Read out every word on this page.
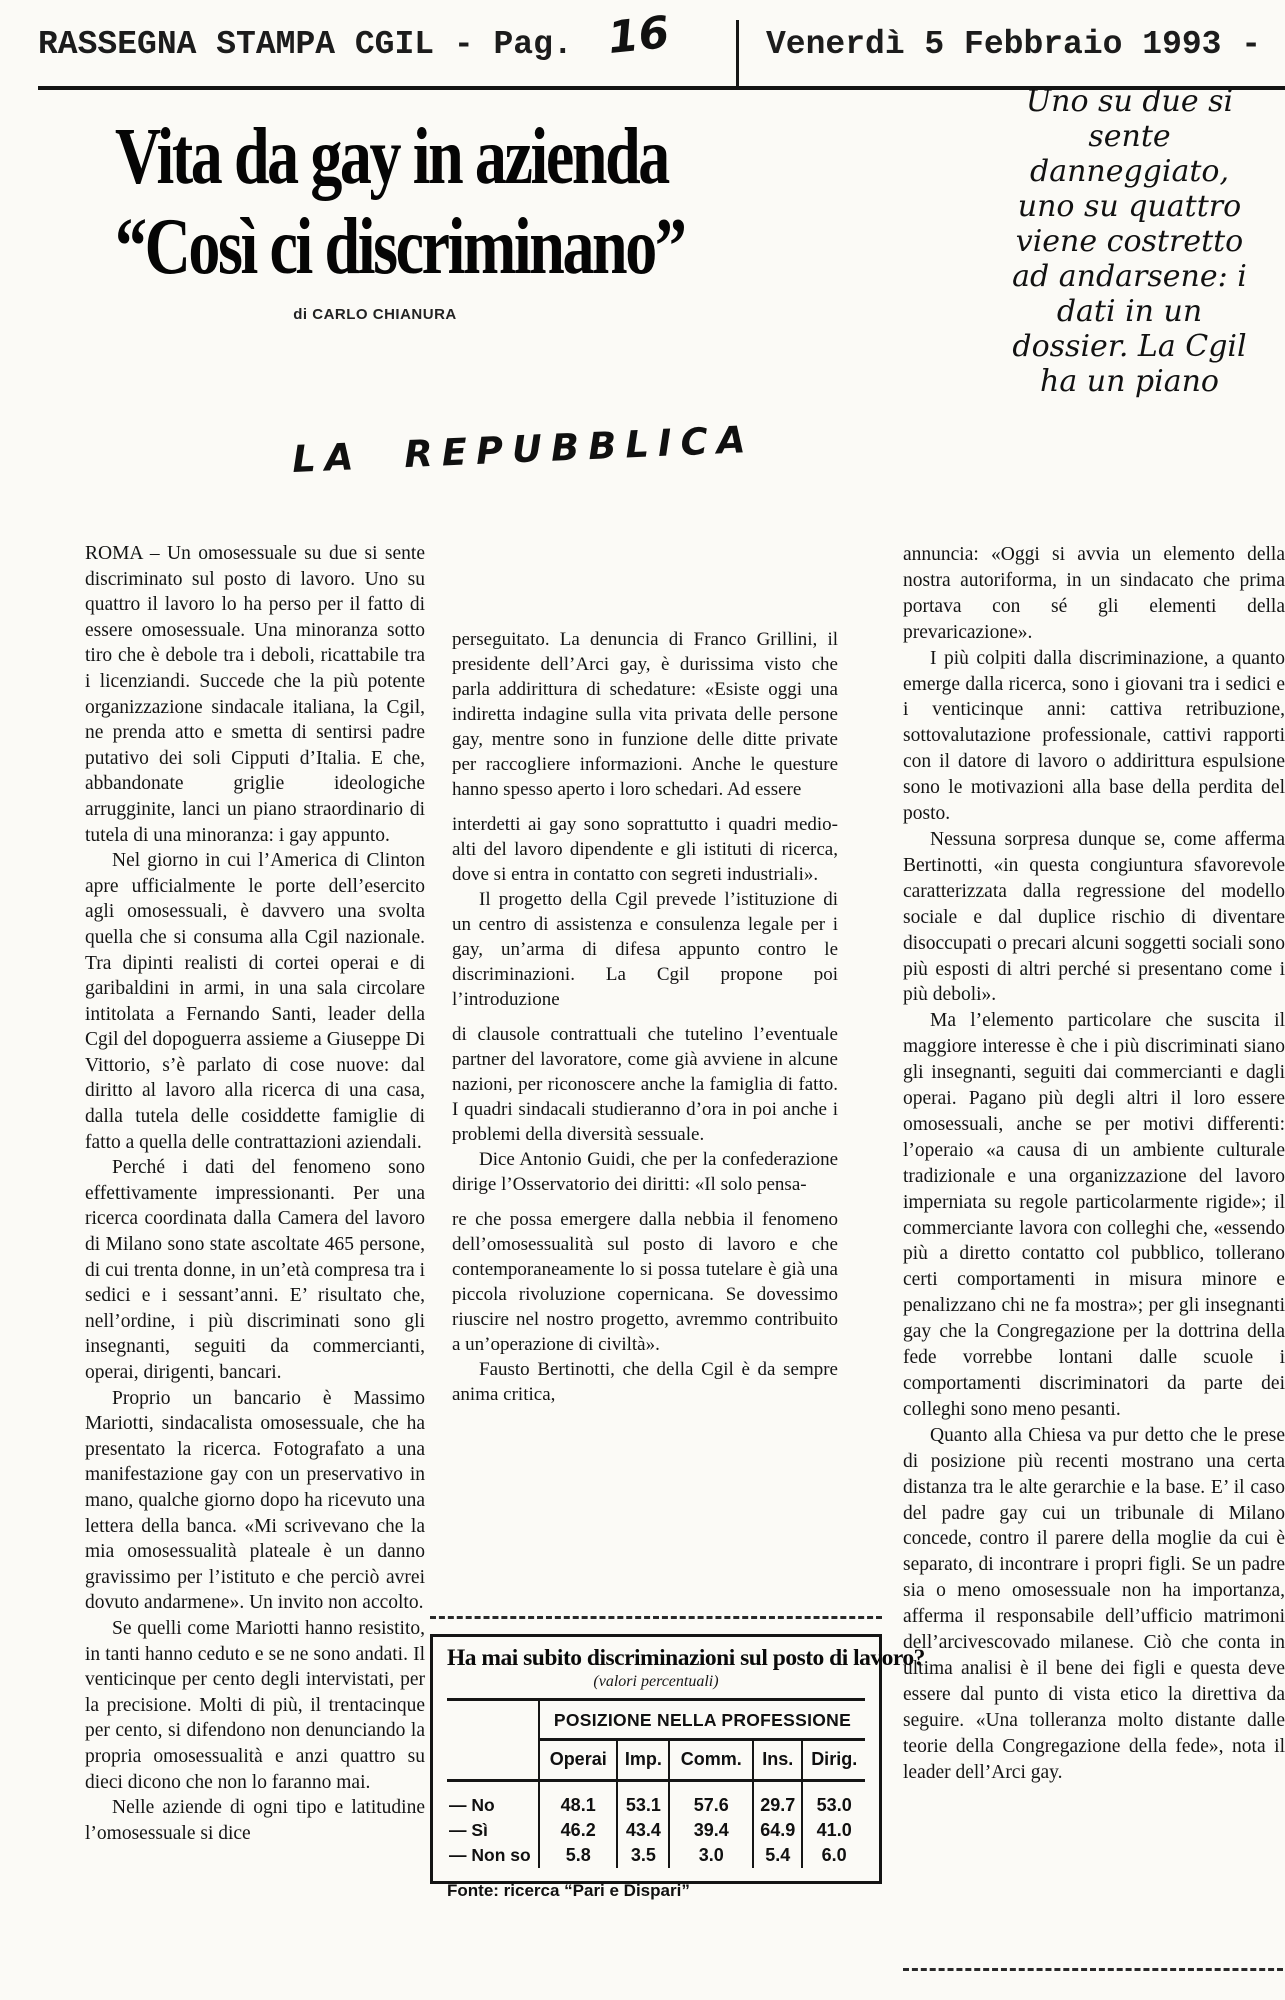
RASSEGNA STAMPA CGIL - Pag. 16	Venerdì 5 Febbraio 1993 -
Vita da gay in azienda
“Così ci discriminano”
di CARLO CHIANURA
LA REPUBBLICA
Uno su due si
sente
danneggiato,
uno su quattro
viene costretto
ad andarsene: i
dati in un
dossier. La Cgil
ha un piano

ROMA – Un omosessuale su due si sente discriminato sul posto di lavoro. Uno su quattro il lavoro lo ha perso per il fatto di essere omosessuale. Una minoranza sotto tiro che è debole tra i deboli, ricattabile tra i licenziandi. Succede che la più potente organizzazione sindacale italiana, la Cgil, ne prenda atto e smetta di sentirsi padre putativo dei soli Cipputi d’Italia. E che, abbandonate griglie ideologiche arrugginite, lanci un piano straordinario di tutela di una minoranza: i gay appunto.

Nel giorno in cui l’America di Clinton apre ufficialmente le porte dell’esercito agli omosessuali, è davvero una svolta quella che si consuma alla Cgil nazionale. Tra dipinti realisti di cortei operai e di garibaldini in armi, in una sala circolare intitolata a Fernando Santi, leader della Cgil del dopoguerra assieme a Giuseppe Di Vittorio, s’è parlato di cose nuove: dal diritto al lavoro alla ricerca di una casa, dalla tutela delle cosiddette famiglie di fatto a quella delle contrattazioni aziendali.

Perché i dati del fenomeno sono effettivamente impressionanti. Per una ricerca coordinata dalla Camera del lavoro di Milano sono state ascoltate 465 persone, di cui trenta donne, in un’età compresa tra i sedici e i sessant’anni. E’ risultato che, nell’ordine, i più discriminati sono gli insegnanti, seguiti da commercianti, operai, dirigenti, bancari.

Proprio un bancario è Massimo Mariotti, sindacalista omosessuale, che ha presentato la ricerca. Fotografato a una manifestazione gay con un preservativo in mano, qualche giorno dopo ha ricevuto una lettera della banca. «Mi scrivevano che la mia omosessualità plateale è un danno gravissimo per l’istituto e che perciò avrei dovuto andarmene». Un invito non accolto.

Se quelli come Mariotti hanno resistito, in tanti hanno ceduto e se ne sono andati. Il venticinque per cento degli intervistati, per la precisione. Molti di più, il trentacinque per cento, si difendono non denunciando la propria omosessualità e anzi quattro su dieci dicono che non lo faranno mai.

Nelle aziende di ogni tipo e latitudine l’omosessuale si dice

perseguitato. La denuncia di Franco Grillini, il presidente dell’Arci gay, è durissima visto che parla addirittura di schedature: «Esiste oggi una indiretta indagine sulla vita privata delle persone gay, mentre sono in funzione delle ditte private per raccogliere informazioni. Anche le questure hanno spesso aperto i loro schedari. Ad essere

interdetti ai gay sono soprattutto i quadri medio-alti del lavoro dipendente e gli istituti di ricerca, dove si entra in contatto con segreti industriali».

Il progetto della Cgil prevede l’istituzione di un centro di assistenza e consulenza legale per i gay, un’arma di difesa appunto contro le discriminazioni. La Cgil propone poi l’introduzione

di clausole contrattuali che tutelino l’eventuale partner del lavoratore, come già avviene in alcune nazioni, per riconoscere anche la famiglia di fatto. I quadri sindacali studieranno d’ora in poi anche i problemi della diversità sessuale.

Dice Antonio Guidi, che per la confederazione dirige l’Osservatorio dei diritti: «Il solo pensa-

re che possa emergere dalla nebbia il fenomeno dell’omosessualità sul posto di lavoro e che contemporaneamente lo si possa tutelare è già una piccola rivoluzione copernicana. Se dovessimo riuscire nel nostro progetto, avremmo contribuito a un’operazione di civiltà».

Fausto Bertinotti, che della Cgil è da sempre anima critica,

annuncia: «Oggi si avvia un elemento della nostra autoriforma, in un sindacato che prima portava con sé gli elementi della prevaricazione».

I più colpiti dalla discriminazione, a quanto emerge dalla ricerca, sono i giovani tra i sedici e i venticinque anni: cattiva retribuzione, sottovalutazione professionale, cattivi rapporti con il datore di lavoro o addirittura espulsione sono le motivazioni alla base della perdita del posto.

Nessuna sorpresa dunque se, come afferma Bertinotti, «in questa congiuntura sfavorevole caratterizzata dalla regressione del modello sociale e dal duplice rischio di diventare disoccupati o precari alcuni soggetti sociali sono più esposti di altri perché si presentano come i più deboli».

Ma l’elemento particolare che suscita il maggiore interesse è che i più discriminati siano gli insegnanti, seguiti dai commercianti e dagli operai. Pagano più degli altri il loro essere omosessuali, anche se per motivi differenti: l’operaio «a causa di un ambiente culturale tradizionale e una organizzazione del lavoro imperniata su regole particolarmente rigide»; il commerciante lavora con colleghi che, «essendo più a diretto contatto col pubblico, tollerano certi comportamenti in misura minore e penalizzano chi ne fa mostra»; per gli insegnanti gay che la Congregazione per la dottrina della fede vorrebbe lontani dalle scuole i comportamenti discriminatori da parte dei colleghi sono meno pesanti.

Quanto alla Chiesa va pur detto che le prese di posizione più recenti mostrano una certa distanza tra le alte gerarchie e la base. E’ il caso del padre gay cui un tribunale di Milano concede, contro il parere della moglie da cui è separato, di incontrare i propri figli. Se un padre sia o meno omosessuale non ha importanza, afferma il responsabile dell’ufficio matrimoni dell’arcivescovado milanese. Ciò che conta in ultima analisi è il bene dei figli e questa deve essere dal punto di vista etico la direttiva da seguire. «Una tolleranza molto distante dalle teorie della Congregazione della fede», nota il leader dell’Arci gay.

Ha mai subito discriminazioni sul posto di lavoro?
(valori percentuali)
	POSIZIONE NELLA PROFESSIONE				
	Operai	Imp.	Comm.	Ins.	Dirig.
— No	48.1	53.1	57.6	29.7	53.0
— Sì	46.2	43.4	39.4	64.9	41.0
— Non so	5.8	3.5	3.0	5.4	6.0
Fonte: ricerca “Pari e Dispari”
